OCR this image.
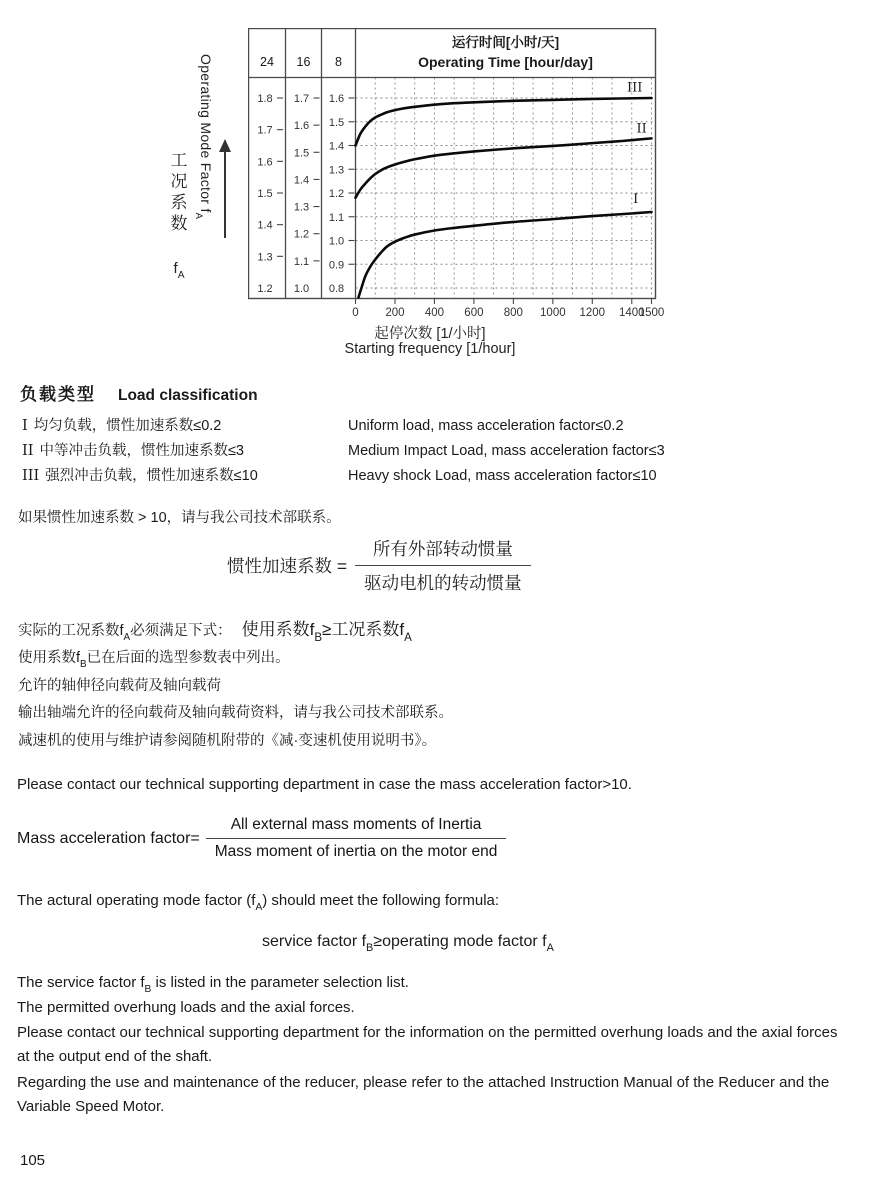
工
况
系
数
$f_A$
Operating Mode Factor $f_A$
运行时间[小时/天]
Operating Time [hour/day]
24 16 8
1.8
1.7
1.6
1.5
1.4
1.3
1.2
1.7
1.6
1.5
1.4
1.3
1.2
1.1
1.0
1.6
1.5
1.4
1.3
1.2
1.1
1.0
0.9
0.8
0 200 400 600 800 1000 1200 1400
1500
III
II
I
起停次数 [1/小时]
Starting frequency [1/hour]
负载类型 Load classification
I 均匀负载，惯性加速系数≤0.2	Uniform load, mass acceleration factor≤0.2
II 中等冲击负载，惯性加速系数≤3	Medium Impact Load, mass acceleration factor≤3
III 强烈冲击负载，惯性加速系数≤10	Heavy shock Load, mass acceleration factor≤10
如果惯性加速系数 > 10，请与我公司技术部联系。
惯性加速系数 = $\frac{\text{所有外部转动惯量}}{\text{驱动电机的转动惯量}}$
实际的工况系数$f_A$必须满足下式： 使用系数$f_B\ge$工况系数$f_A$
使用系数$f_B$已在后面的选型参数表中列出。
允许的轴伸径向载荷及轴向载荷
输出轴端允许的径向载荷及轴向载荷资料，请与我公司技术部联系。
减速机的使用与维护请参阅随机附带的《减·变速机使用说明书》。
Please contact our technical supporting department in case the mass acceleration factor>10.
Mass acceleration factor= $\frac{\text{All external mass moments of Inertia}}{\text{Mass moment of inertia on the motor end}}$
The actural operating mode factor $(f_A)$ should meet the following formula:
service factor $f_B\ge operating$ mode factor $f_A$
The service factor $f_B$ is listed in the parameter selection list.
The permitted overhung loads and the axial forces.
Please contact our technical supporting department for the information on the permitted overhung loads and the axial forces at the output end of the shaft.
Regarding the use and maintenance of the reducer, please refer to the attached Instruction Manual of the Reducer and the Variable Speed Motor.
105
